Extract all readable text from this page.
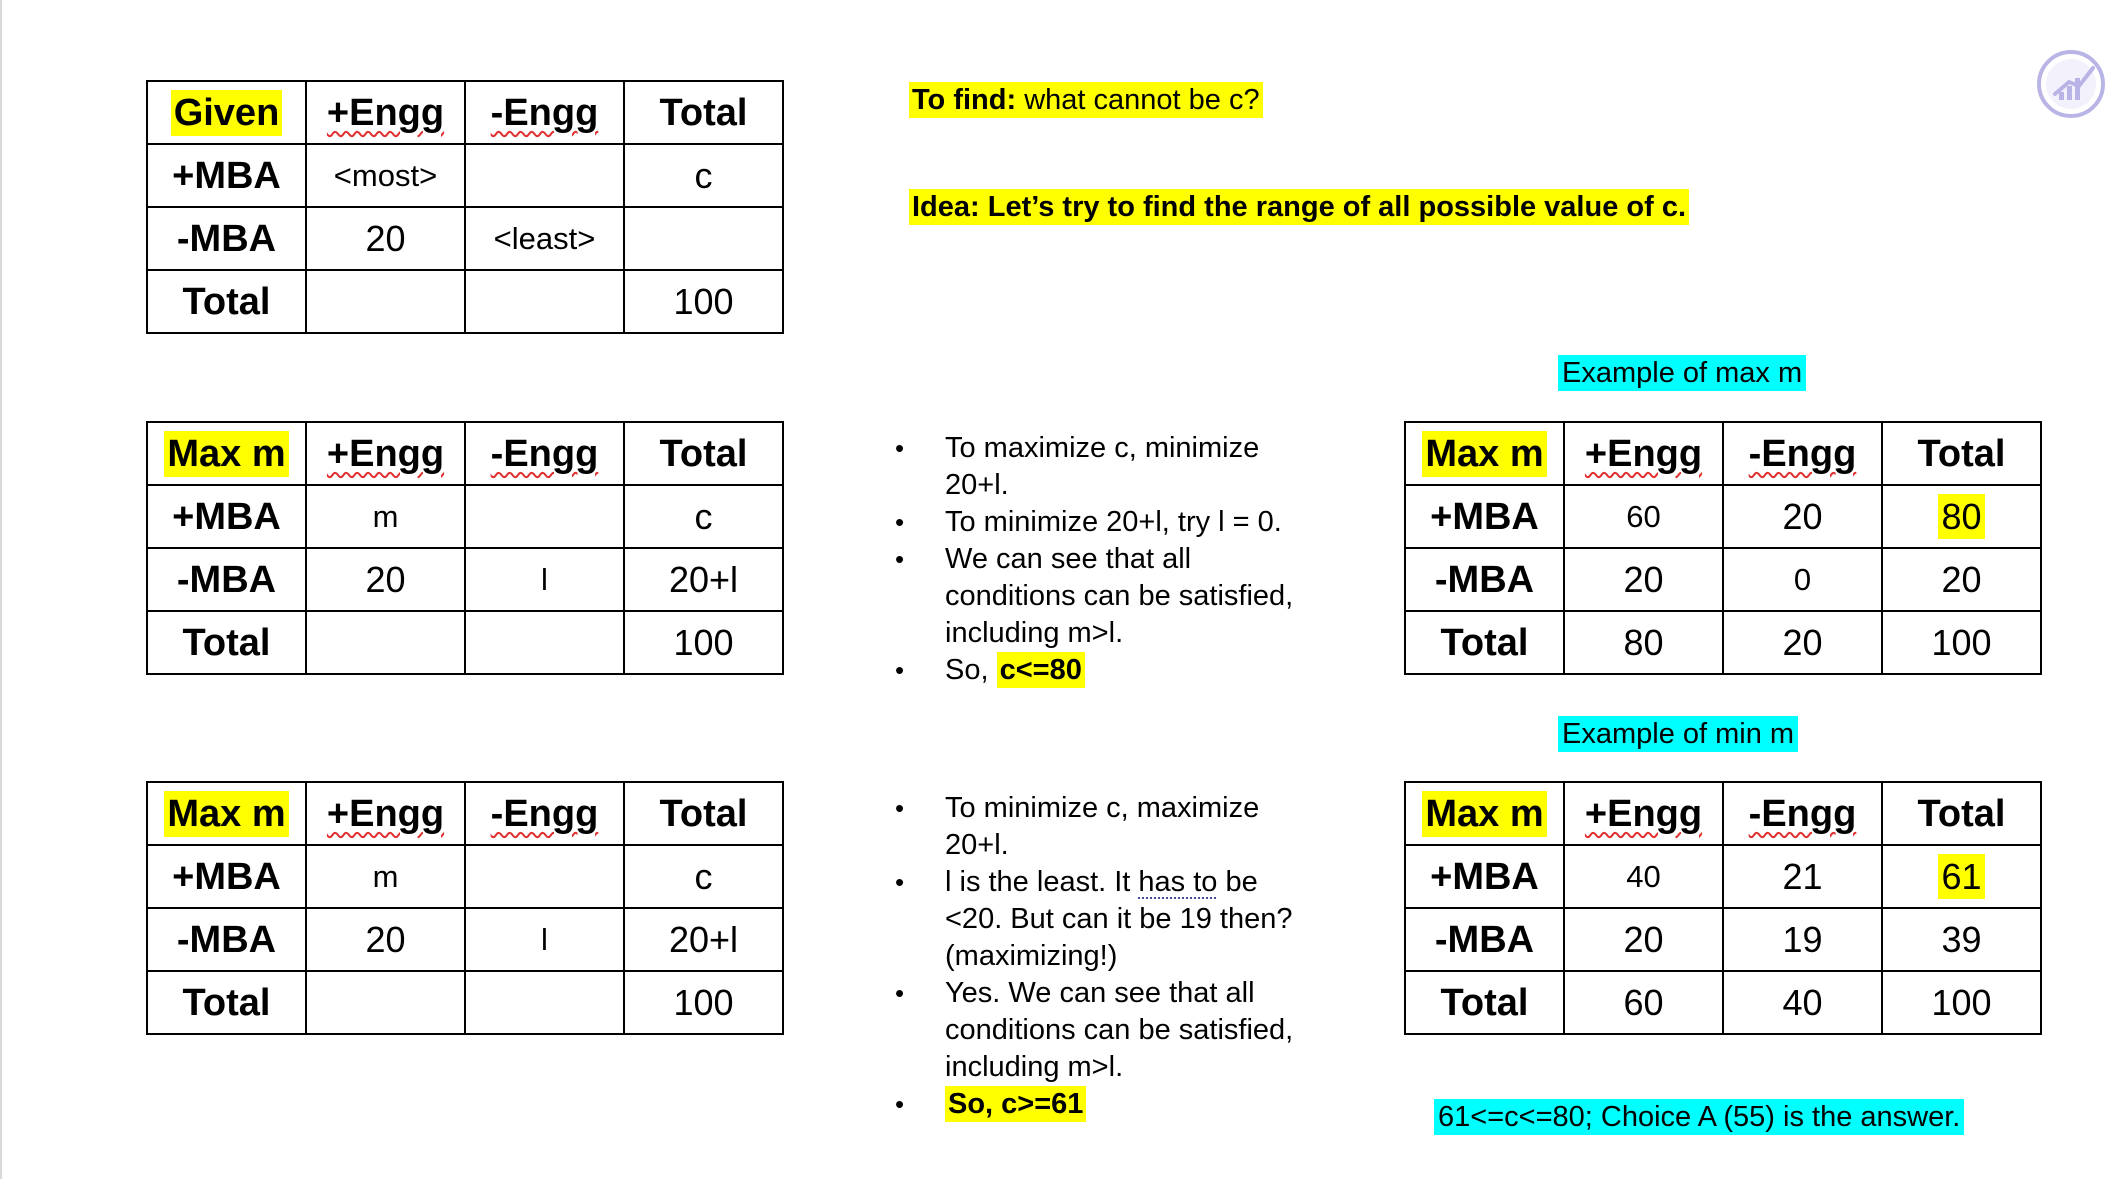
Given	+Engg	-Engg	Total
+MBA	<most>		c
-MBA	20	<least>	
Total			100
Max m	+Engg	-Engg	Total
+MBA	m		c
-MBA	20	l	20+l
Total			100
Max m	+Engg	-Engg	Total
+MBA	m		c
-MBA	20	l	20+l
Total			100
Max m	+Engg	-Engg	Total
+MBA	60	20	80
-MBA	20	0	20
Total	80	20	100
Max m	+Engg	-Engg	Total
+MBA	40	21	61
-MBA	20	19	39
Total	60	40	100
To find: what cannot be c?
Idea: Let’s try to find the range of all possible value of c.
Example of max m
Example of min m
61<=c<=80; Choice A (55) is the answer.
• To maximize c, minimize 20+l.
• To minimize 20+l, try l = 0.
• We can see that all conditions can be satisfied, including m>l.
• So, c<=80
• To minimize c, maximize 20+l.
• l is the least. It has to be <20. But can it be 19 then? (maximizing!)
• Yes. We can see that all conditions can be satisfied, including m>l.
• So, c>=61
